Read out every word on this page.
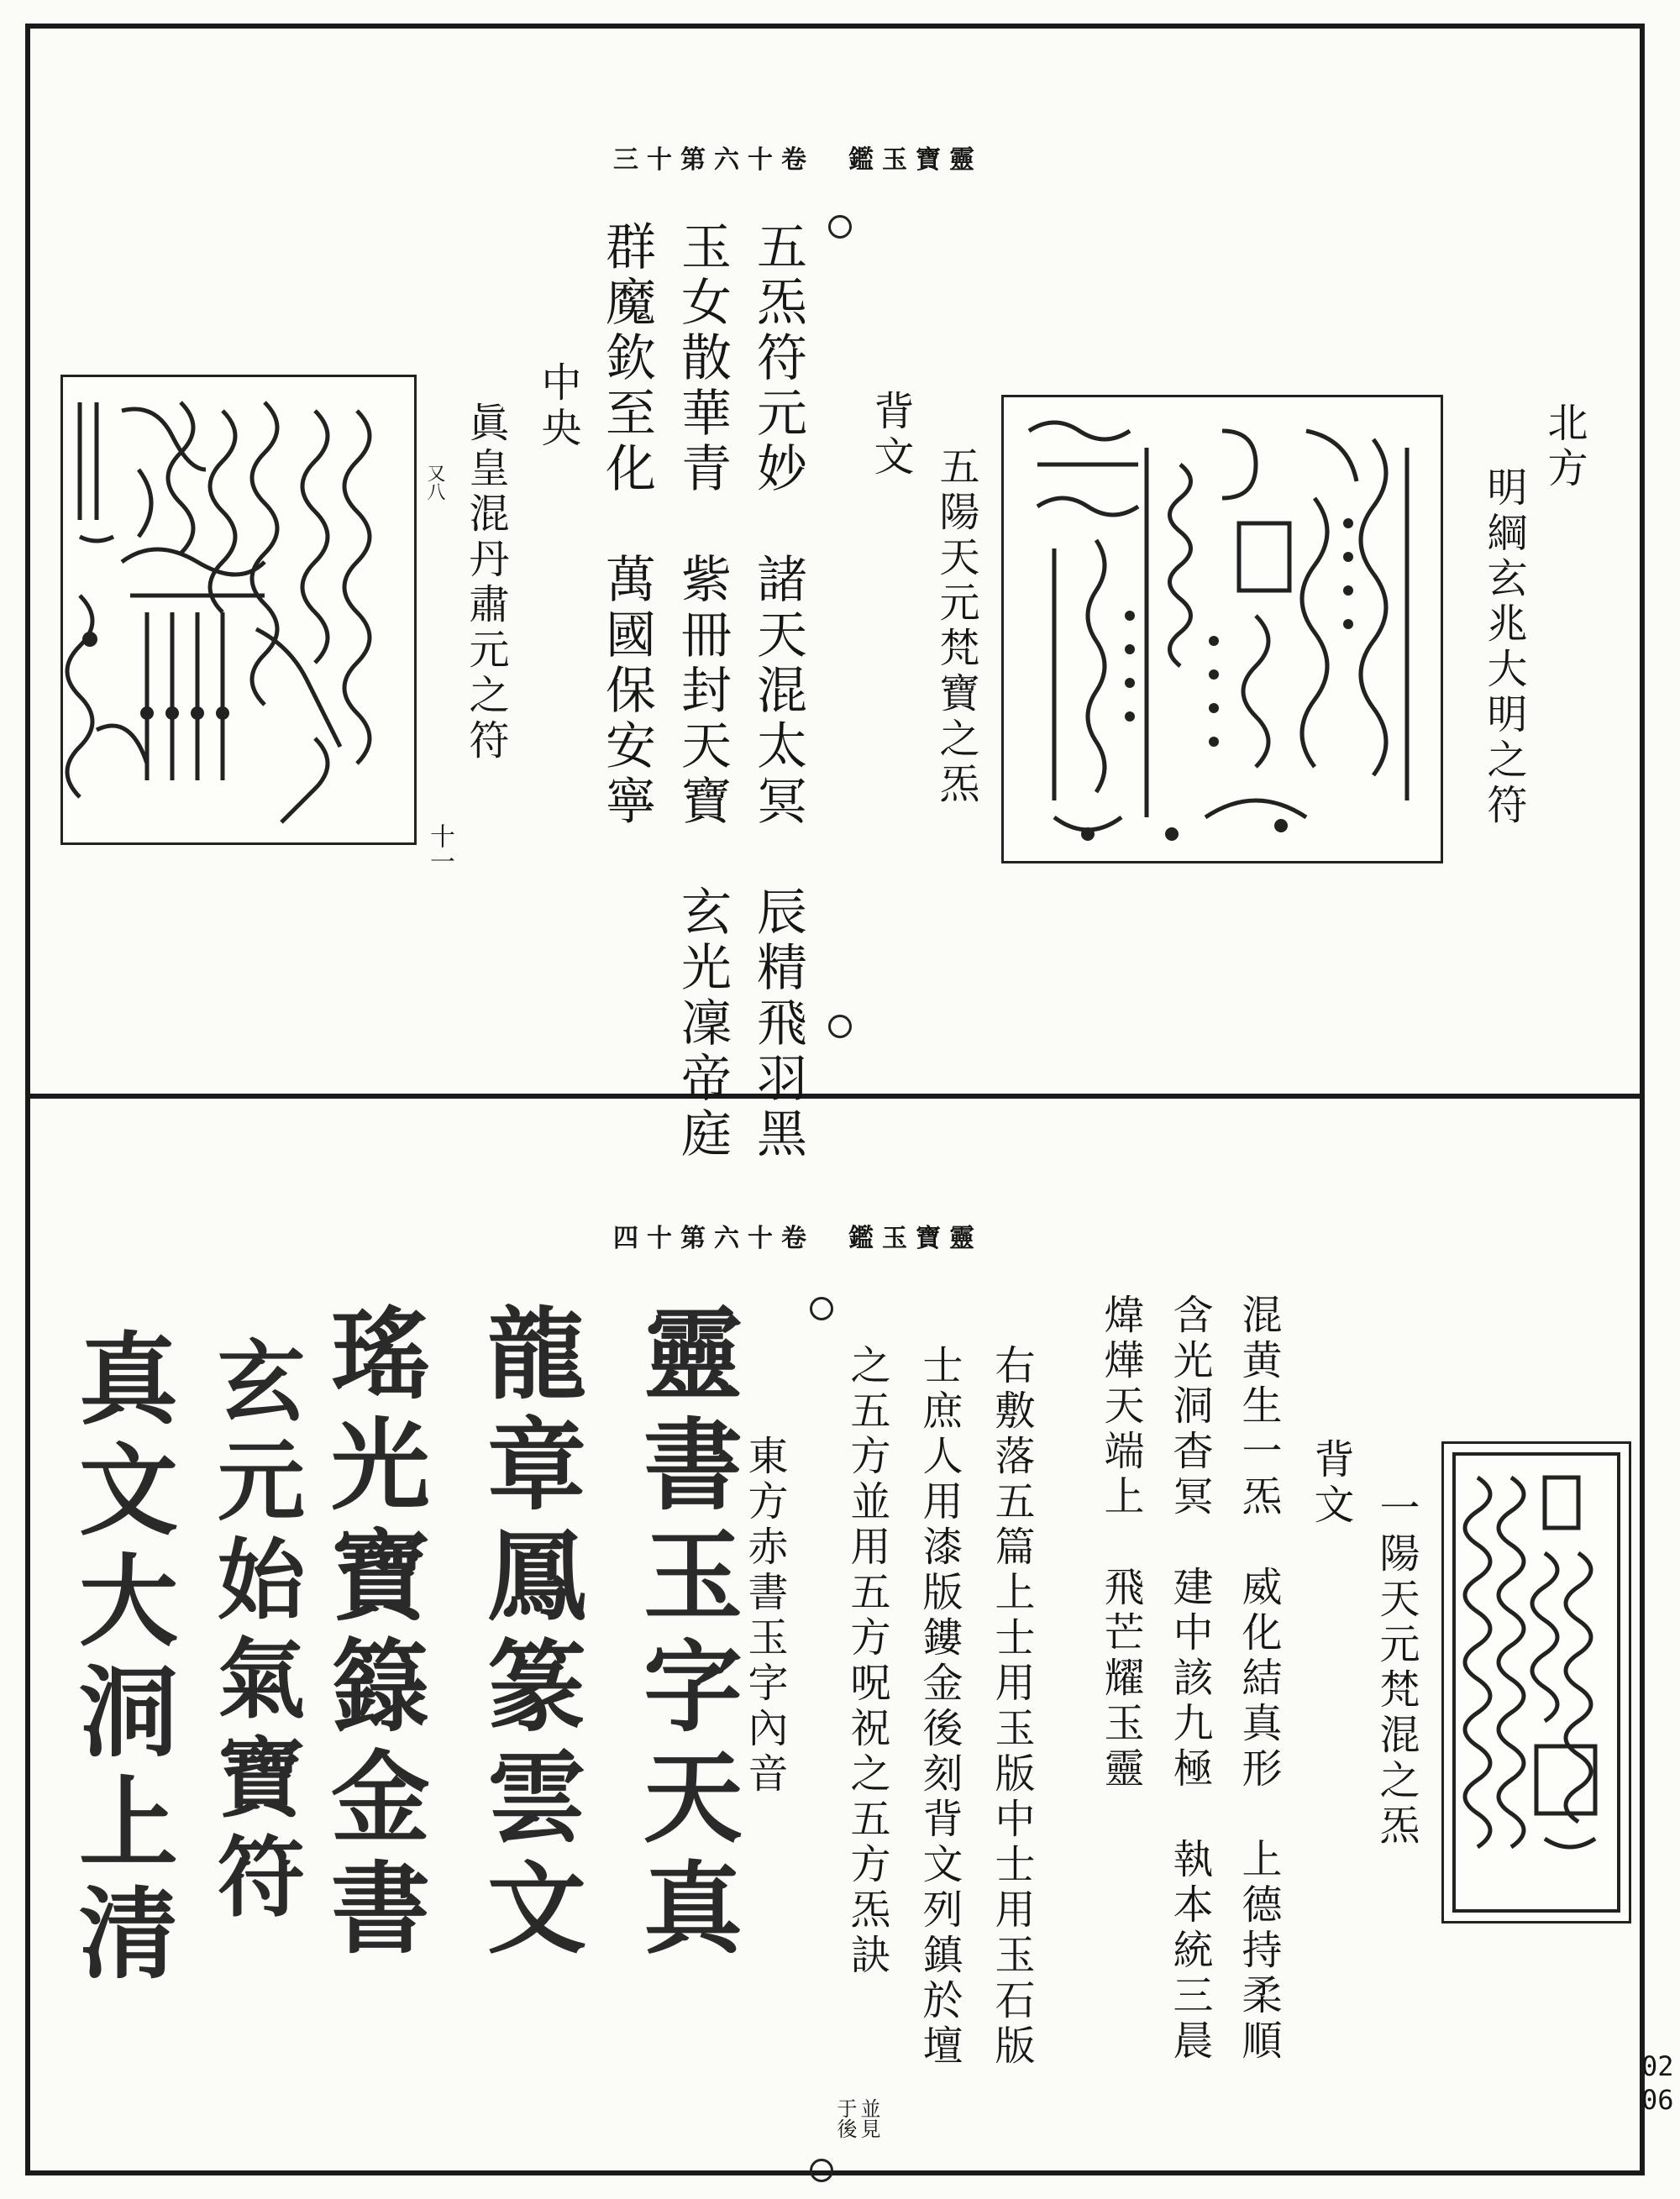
靈寶玉鑑　卷十六第十三
北方
明綱玄兆大明之符
五陽天元梵寶之炁
背文
五炁符元妙　諸天混太冥　辰精飛羽黑
玉女散華青　紫冊封天寶　玄光凜帝庭
群魔欽至化　萬國保安寧
中央
眞皇混丹肅元之符
又八
十一
靈寶玉鑑　卷十六第十四
一陽天元梵混之炁
背文
混黄生一炁　威化結真形　上德持柔順
含光洞杳冥　建中該九極　執本統三晨
煒燁天端上　飛芒耀玉靈
右敷落五篇上士用玉版中士用玉石版
士庶人用漆版鏤金後刻背文列鎮於壇
之五方並用五方呪祝之五方炁訣
並見
于後
東方赤書玉字內音
靈書玉字天真
龍章鳳篆雲文
瑤光寶籙金書
玄元始氣寶符
真文大洞上清
0206
